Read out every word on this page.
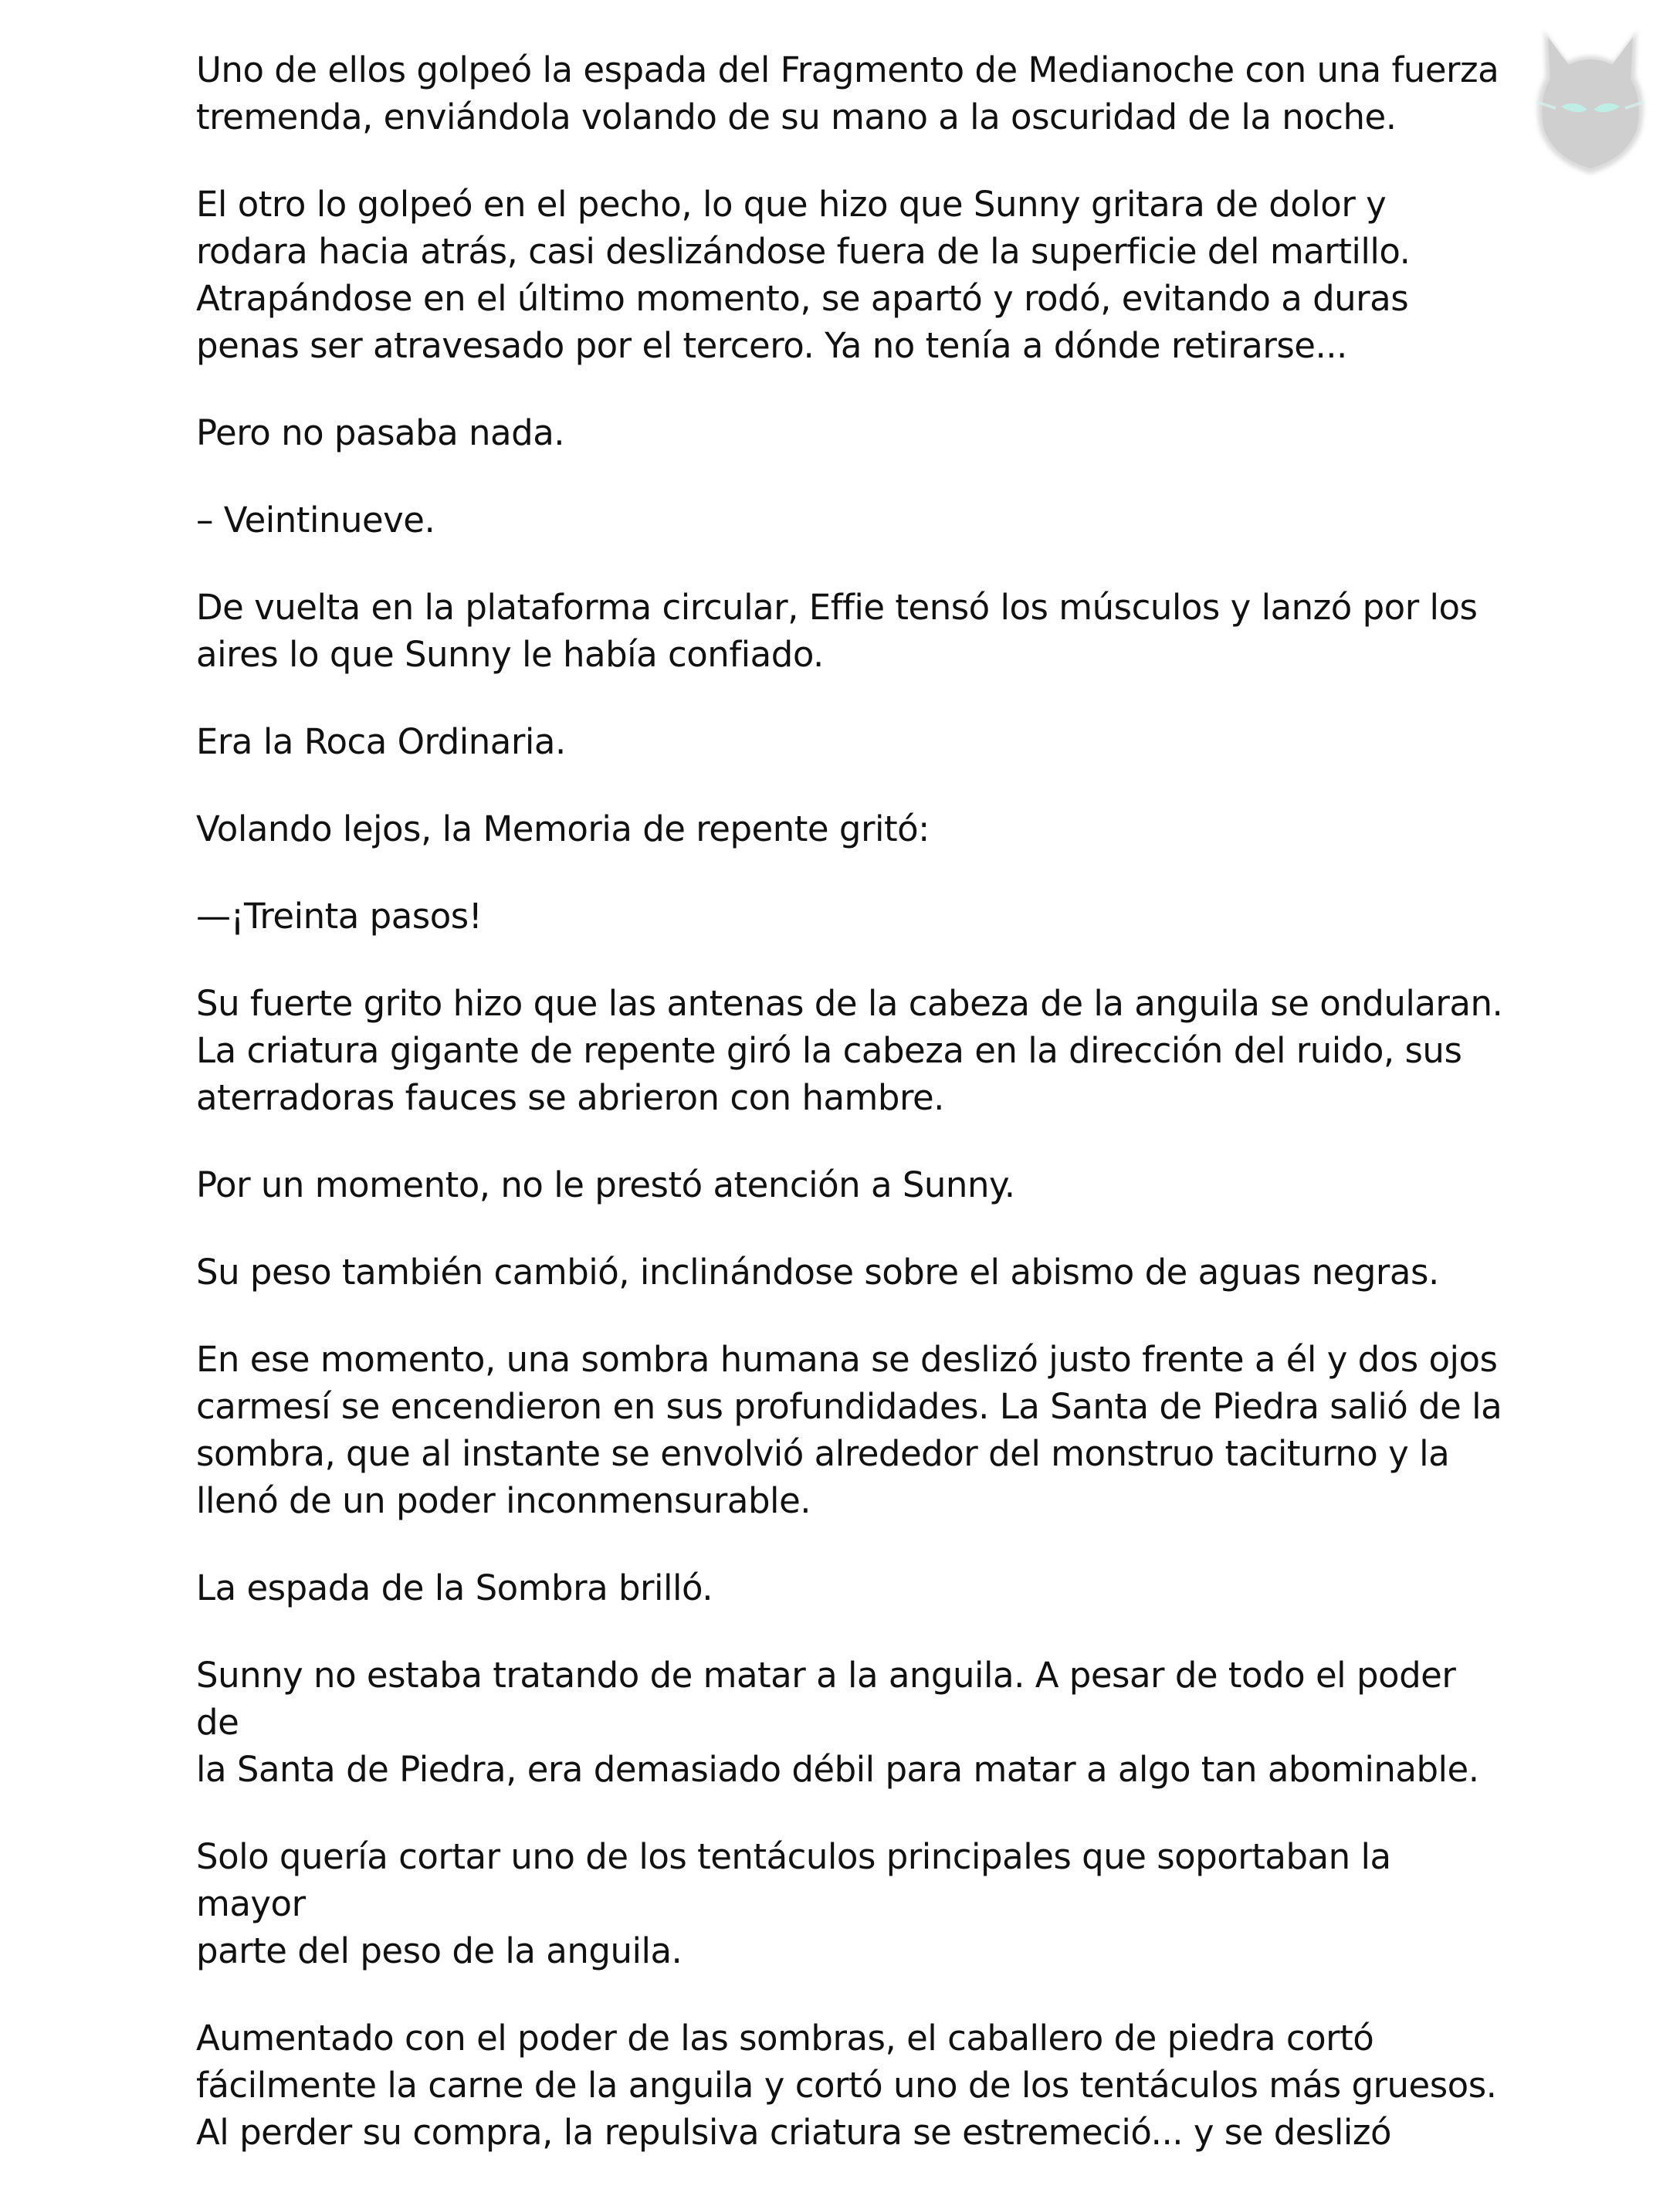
Uno de ellos golpeó la espada del Fragmento de Medianoche con una fuerza
tremenda, enviándola volando de su mano a la oscuridad de la noche.

El otro lo golpeó en el pecho, lo que hizo que Sunny gritara de dolor y
rodara hacia atrás, casi deslizándose fuera de la superficie del martillo.
Atrapándose en el último momento, se apartó y rodó, evitando a duras
penas ser atravesado por el tercero. Ya no tenía a dónde retirarse...

Pero no pasaba nada.

– Veintinueve.

De vuelta en la plataforma circular, Effie tensó los músculos y lanzó por los
aires lo que Sunny le había confiado.

Era la Roca Ordinaria.

Volando lejos, la Memoria de repente gritó:

—¡Treinta pasos!

Su fuerte grito hizo que las antenas de la cabeza de la anguila se ondularan.
La criatura gigante de repente giró la cabeza en la dirección del ruido, sus
aterradoras fauces se abrieron con hambre.

Por un momento, no le prestó atención a Sunny.

Su peso también cambió, inclinándose sobre el abismo de aguas negras.

En ese momento, una sombra humana se deslizó justo frente a él y dos ojos
carmesí se encendieron en sus profundidades. La Santa de Piedra salió de la
sombra, que al instante se envolvió alrededor del monstruo taciturno y la
llenó de un poder inconmensurable.

La espada de la Sombra brilló.

Sunny no estaba tratando de matar a la anguila. A pesar de todo el poder de
la Santa de Piedra, era demasiado débil para matar a algo tan abominable.

Solo quería cortar uno de los tentáculos principales que soportaban la mayor
parte del peso de la anguila.

Aumentado con el poder de las sombras, el caballero de piedra cortó
fácilmente la carne de la anguila y cortó uno de los tentáculos más gruesos.
Al perder su compra, la repulsiva criatura se estremeció... y se deslizó
